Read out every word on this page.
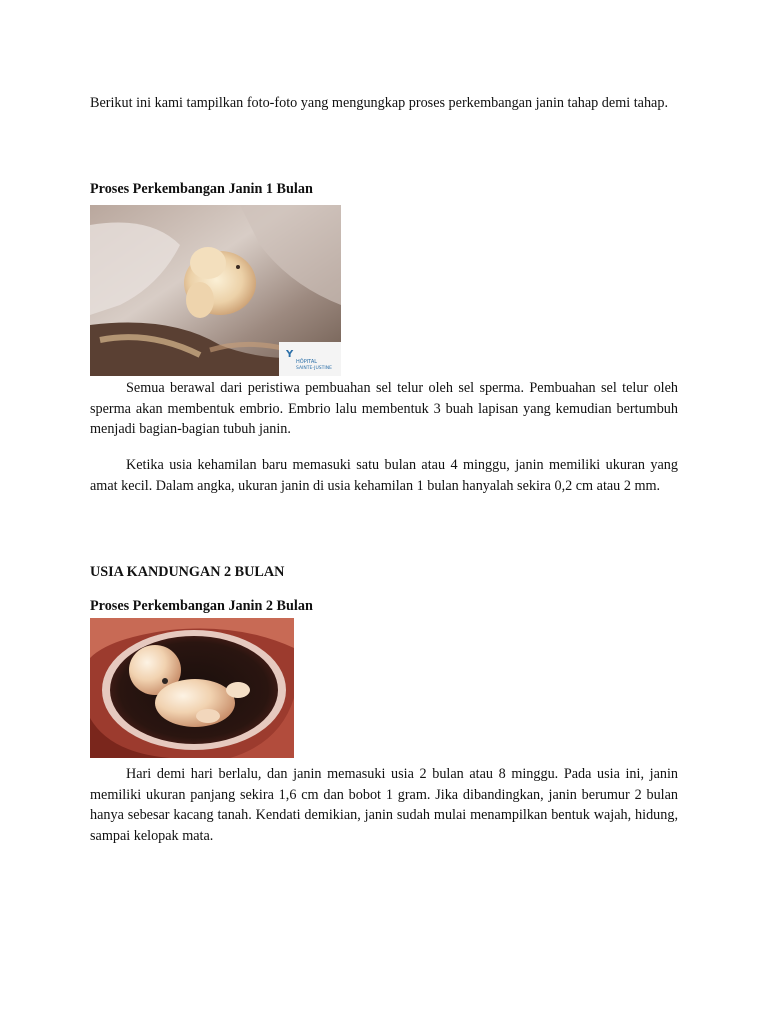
Berikut ini kami tampilkan foto-foto yang mengungkap proses perkembangan janin tahap demi tahap.

Proses Perkembangan Janin 1 Bulan
Y
HÔPITAL
SAINTE-JUSTINE

Semua berawal dari peristiwa pembuahan sel telur oleh sel sperma. Pembuahan sel telur oleh sperma akan membentuk embrio. Embrio lalu membentuk 3 buah lapisan yang kemudian bertumbuh menjadi bagian-bagian tubuh janin.

Ketika usia kehamilan baru memasuki satu bulan atau 4 minggu, janin memiliki ukuran yang amat kecil. Dalam angka, ukuran janin di usia kehamilan 1 bulan hanyalah sekira 0,2 cm atau 2 mm.

USIA KANDUNGAN 2 BULAN
Proses Perkembangan Janin 2 Bulan

Hari demi hari berlalu, dan janin memasuki usia 2 bulan atau 8 minggu. Pada usia ini, janin memiliki ukuran panjang sekira 1,6 cm dan bobot 1 gram. Jika dibandingkan, janin berumur 2 bulan hanya sebesar kacang tanah. Kendati demikian, janin sudah mulai menampilkan bentuk wajah, hidung, sampai kelopak mata.
